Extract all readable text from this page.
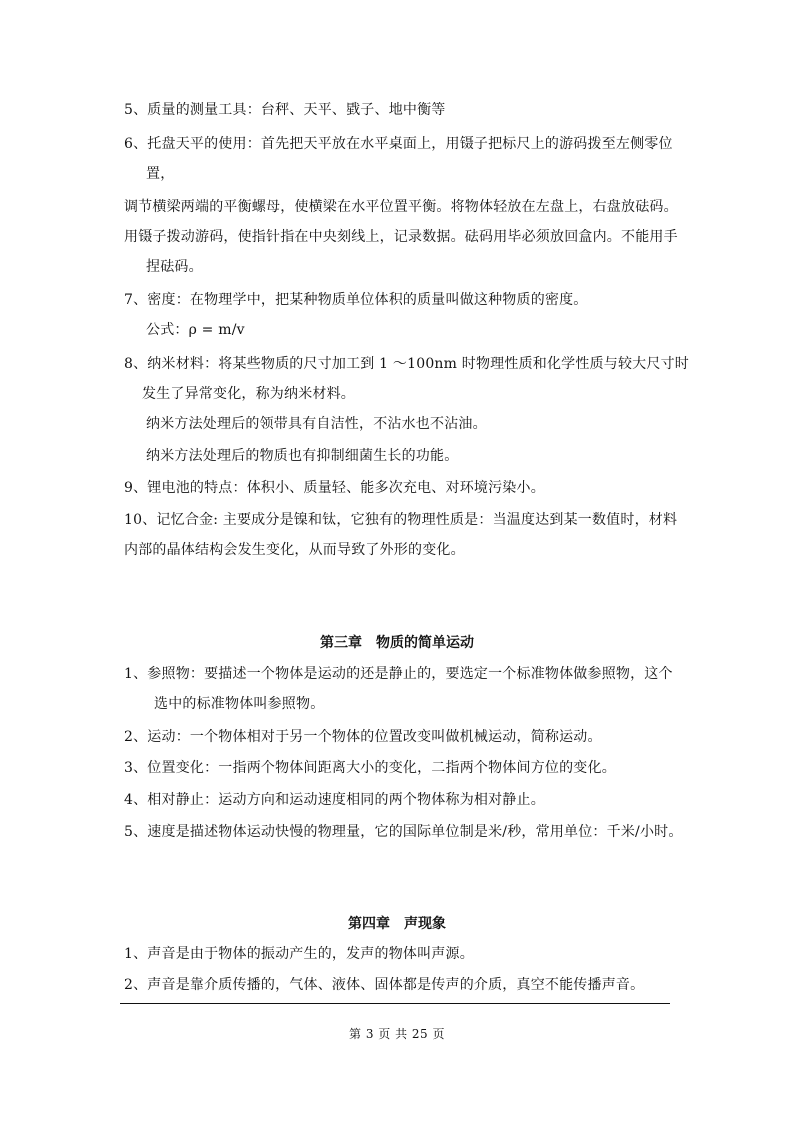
5、质量的测量工具：台秤、天平、戥子、地中衡等
6、托盘天平的使用：首先把天平放在水平桌面上，用镊子把标尺上的游码拨至左侧零位
置，
调节横梁两端的平衡螺母，使横梁在水平位置平衡。将物体轻放在左盘上，右盘放砝码。
用镊子拨动游码，使指针指在中央刻线上，记录数据。砝码用毕必须放回盒内。不能用手
捏砝码。
7、密度：在物理学中，把某种物质单位体积的质量叫做这种物质的密度。
公式：ρ = m/v
8、纳米材料：将某些物质的尺寸加工到 1 ～100nm 时物理性质和化学性质与较大尺寸时
发生了异常变化，称为纳米材料。
纳米方法处理后的领带具有自洁性，不沾水也不沾油。
纳米方法处理后的物质也有抑制细菌生长的功能。
9、锂电池的特点：体积小、质量轻、能多次充电、对环境污染小。
10、记忆合金: 主要成分是镍和钛，它独有的物理性质是：当温度达到某一数值时，材料
内部的晶体结构会发生变化，从而导致了外形的变化。
第三章　物质的简单运动
1、参照物：要描述一个物体是运动的还是静止的，要选定一个标准物体做参照物，这个
选中的标准物体叫参照物。
2、运动：一个物体相对于另一个物体的位置改变叫做机械运动，简称运动。
3、位置变化：一指两个物体间距离大小的变化，二指两个物体间方位的变化。
4、相对静止：运动方向和运动速度相同的两个物体称为相对静止。
5、速度是描述物体运动快慢的物理量，它的国际单位制是米/秒，常用单位：千米/小时。
第四章　声现象
1、声音是由于物体的振动产生的，发声的物体叫声源。
2、声音是靠介质传播的，气体、液体、固体都是传声的介质，真空不能传播声音。
第 3 页 共 25 页
